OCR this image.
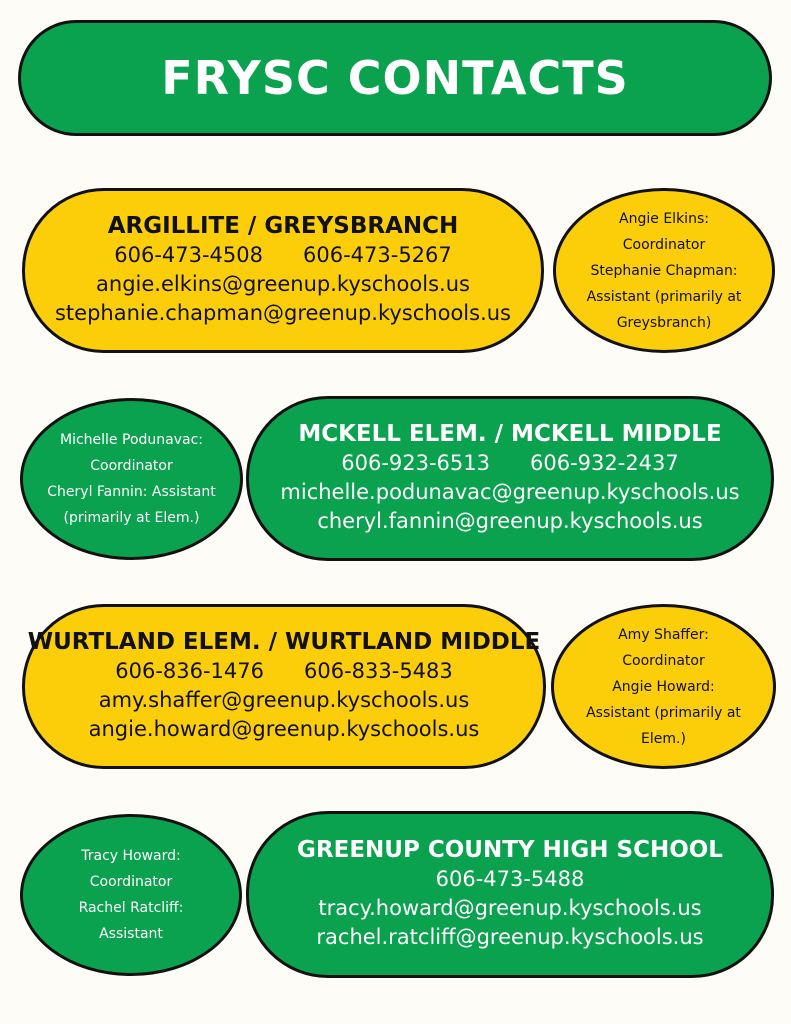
FRYSC CONTACTS
ARGILLITE / GREYSBRANCH
606-473-4508 606-473-5267
angie.elkins@greenup.kyschools.us
stephanie.chapman@greenup.kyschools.us
Angie Elkins:
Coordinator
Stephanie Chapman:
Assistant (primarily at
Greysbranch)
Michelle Podunavac:
Coordinator
Cheryl Fannin: Assistant
(primarily at Elem.)
MCKELL ELEM. / MCKELL MIDDLE
606-923-6513 606-932-2437
michelle.podunavac@greenup.kyschools.us
cheryl.fannin@greenup.kyschools.us
WURTLAND ELEM. / WURTLAND MIDDLE
606-836-1476 606-833-5483
amy.shaffer@greenup.kyschools.us
angie.howard@greenup.kyschools.us
Amy Shaffer:
Coordinator
Angie Howard:
Assistant (primarily at
Elem.)
Tracy Howard:
Coordinator
Rachel Ratcliff:
Assistant
GREENUP COUNTY HIGH SCHOOL
606-473-5488
tracy.howard@greenup.kyschools.us
rachel.ratcliff@greenup.kyschools.us
